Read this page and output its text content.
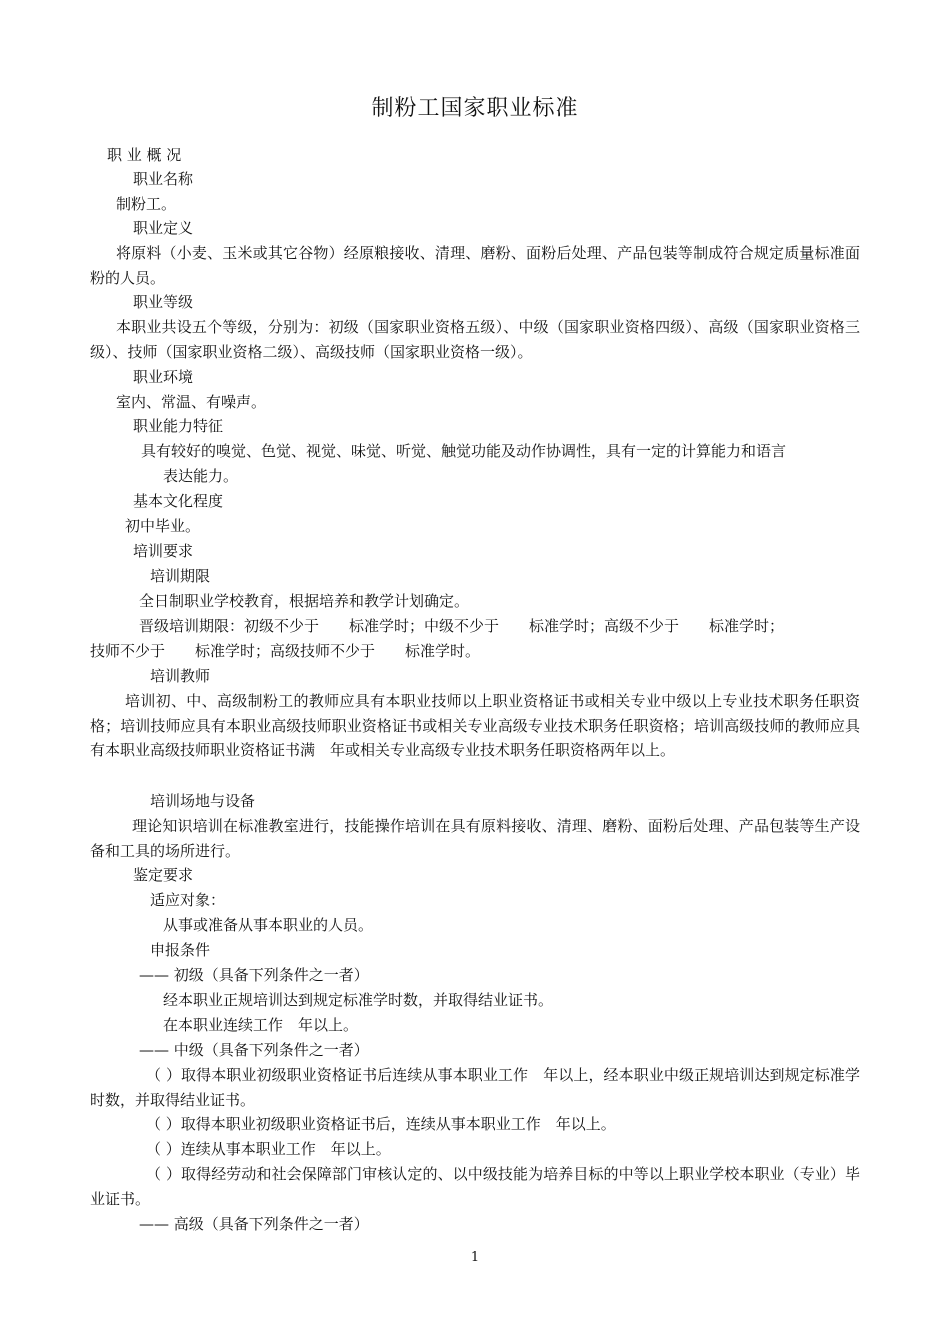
制粉工国家职业标准
职 业 概 况
职业名称
制粉工。
职业定义
将原料（小麦、玉米或其它谷物）经原粮接收、清理、磨粉、面粉后处理、产品包装等制成符合规定质量标准面粉的人员。
职业等级
本职业共设五个等级，分别为：初级（国家职业资格五级）、中级（国家职业资格四级）、高级（国家职业资格三级）、技师（国家职业资格二级）、高级技师（国家职业资格一级）。
职业环境
室内、常温、有噪声。
职业能力特征
具有较好的嗅觉、色觉、视觉、味觉、听觉、触觉功能及动作协调性，具有一定的计算能力和语言
表达能力。
基本文化程度
初中毕业。
培训要求
培训期限
全日制职业学校教育，根据培养和教学计划确定。
晋级培训期限：初级不少于　　标准学时；中级不少于　　标准学时；高级不少于　　标准学时；
技师不少于　　标准学时；高级技师不少于　　标准学时。
培训教师
培训初、中、高级制粉工的教师应具有本职业技师以上职业资格证书或相关专业中级以上专业技术职务任职资格；培训技师应具有本职业高级技师职业资格证书或相关专业高级专业技术职务任职资格；培训高级技师的教师应具有本职业高级技师职业资格证书满　年或相关专业高级专业技术职务任职资格两年以上。
培训场地与设备
理论知识培训在标准教室进行，技能操作培训在具有原料接收、清理、磨粉、面粉后处理、产品包装等生产设备和工具的场所进行。
鉴定要求
适应对象：
从事或准备从事本职业的人员。
申报条件
—— 初级（具备下列条件之一者）
经本职业正规培训达到规定标准学时数，并取得结业证书。
在本职业连续工作　年以上。
—— 中级（具备下列条件之一者）
（ ）取得本职业初级职业资格证书后连续从事本职业工作　年以上，经本职业中级正规培训达到规定标准学时数，并取得结业证书。
（ ）取得本职业初级职业资格证书后，连续从事本职业工作　年以上。
（ ）连续从事本职业工作　年以上。
（ ）取得经劳动和社会保障部门审核认定的、以中级技能为培养目标的中等以上职业学校本职业（专业）毕业证书。
—— 高级（具备下列条件之一者）
1
